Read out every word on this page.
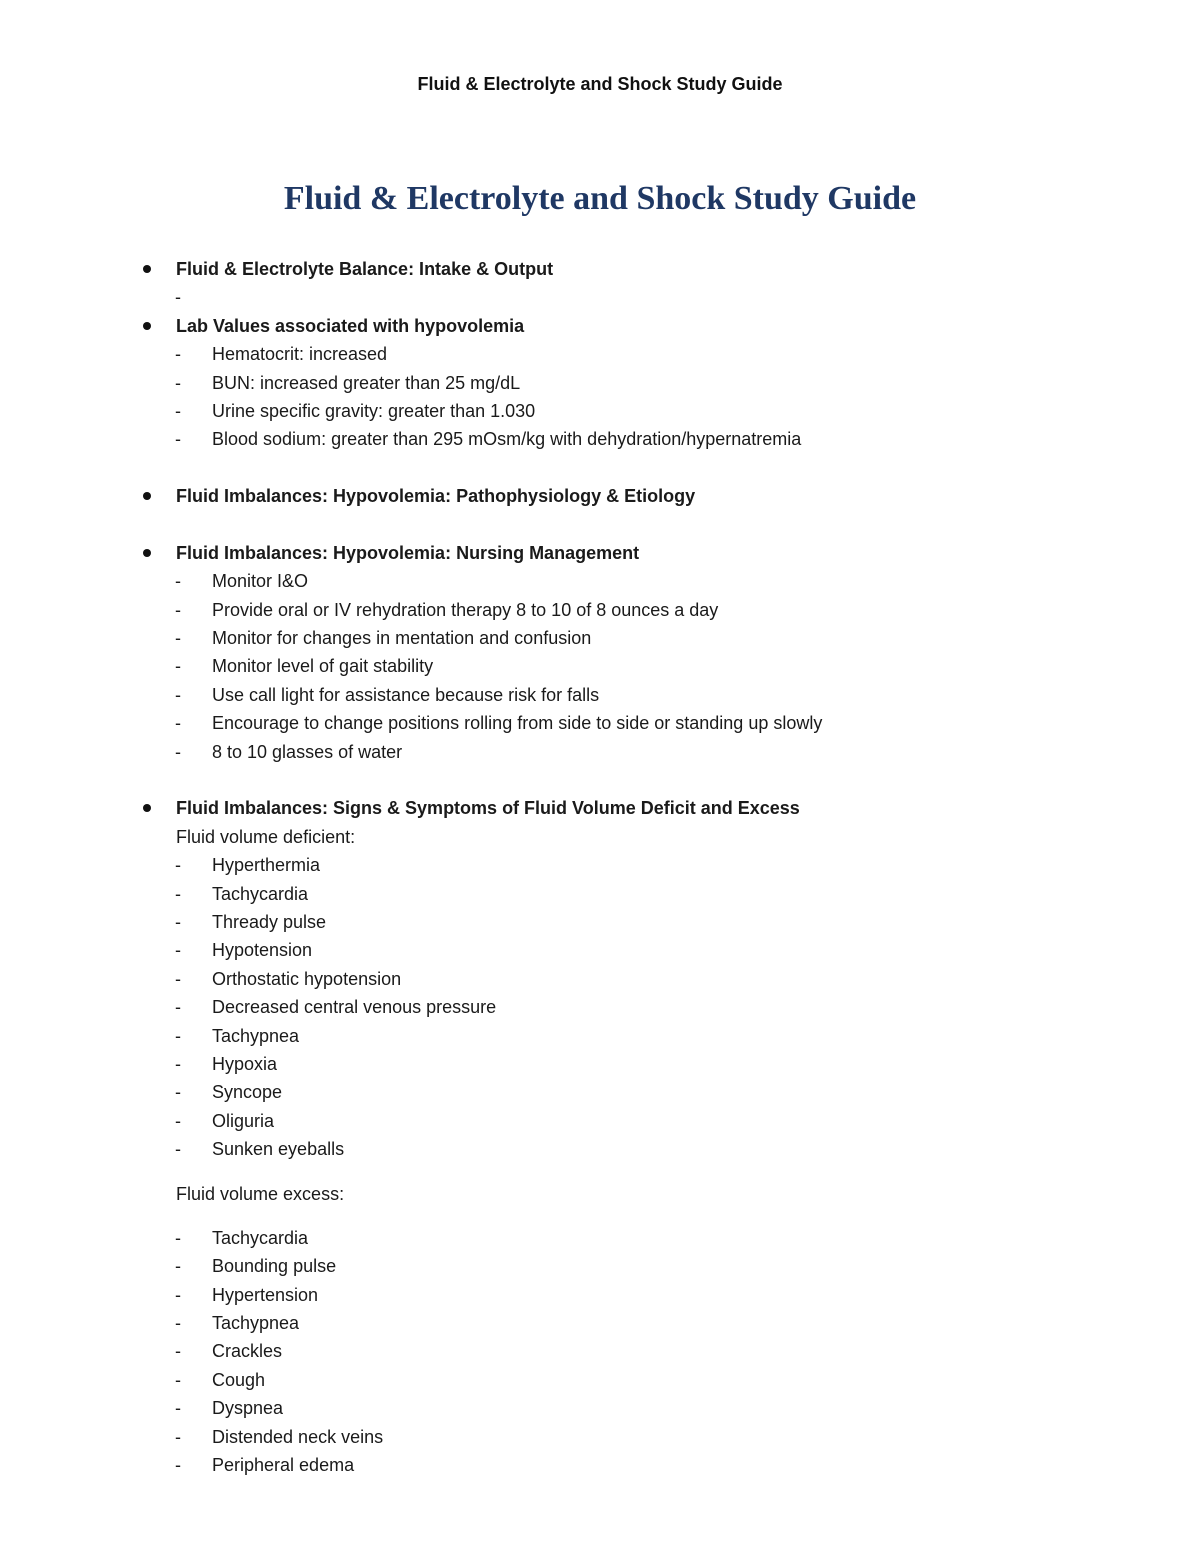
Fluid & Electrolyte and Shock Study Guide
Fluid & Electrolyte and Shock Study Guide
Fluid & Electrolyte Balance: Intake & Output
-
Lab Values associated with hypovolemia
- Hematocrit: increased
- BUN: increased greater than 25 mg/dL
- Urine specific gravity: greater than 1.030
- Blood sodium: greater than 295 mOsm/kg with dehydration/hypernatremia
Fluid Imbalances: Hypovolemia: Pathophysiology & Etiology
Fluid Imbalances: Hypovolemia: Nursing Management
- Monitor I&O
- Provide oral or IV rehydration therapy 8 to 10 of 8 ounces a day
- Monitor for changes in mentation and confusion
- Monitor level of gait stability
- Use call light for assistance because risk for falls
- Encourage to change positions rolling from side to side or standing up slowly
- 8 to 10 glasses of water
Fluid Imbalances: Signs & Symptoms of Fluid Volume Deficit and Excess
Fluid volume deficient:
- Hyperthermia
- Tachycardia
- Thready pulse
- Hypotension
- Orthostatic hypotension
- Decreased central venous pressure
- Tachypnea
- Hypoxia
- Syncope
- Oliguria
- Sunken eyeballs
Fluid volume excess:
- Tachycardia
- Bounding pulse
- Hypertension
- Tachypnea
- Crackles
- Cough
- Dyspnea
- Distended neck veins
- Peripheral edema
